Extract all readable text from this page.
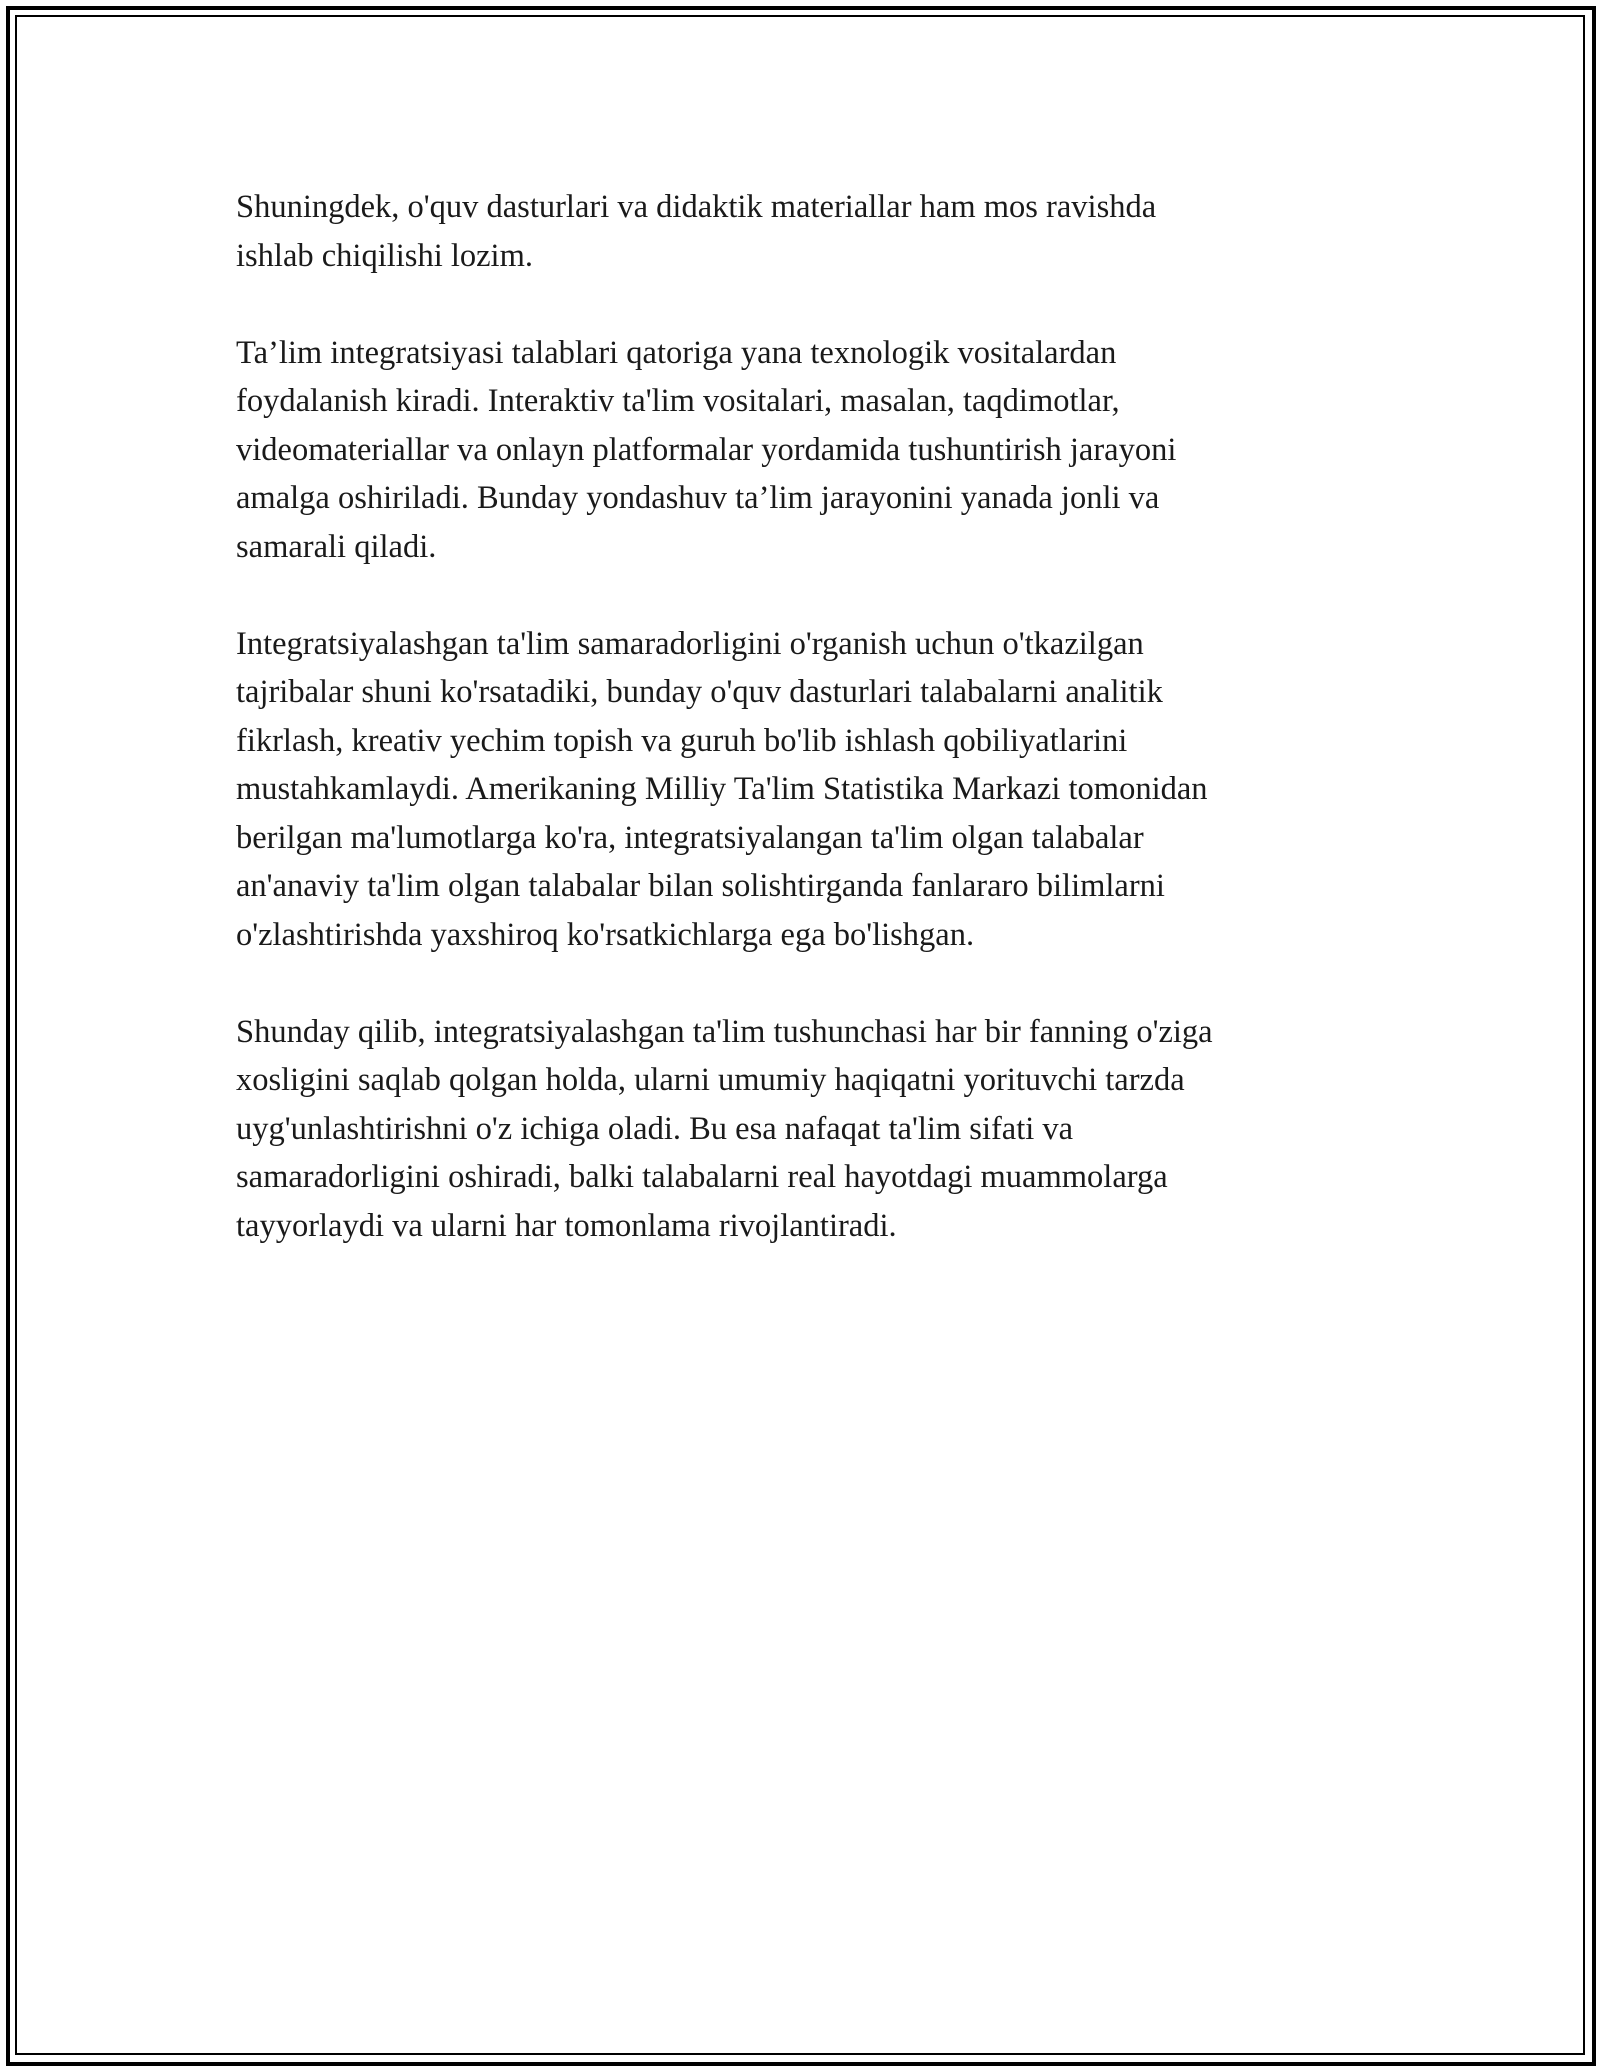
Shuningdek, o'quv dasturlari va didaktik materiallar ham mos ravishda
ishlab chiqilishi lozim.

Ta’lim integratsiyasi talablari qatoriga yana texnologik vositalardan
foydalanish kiradi. Interaktiv ta'lim vositalari, masalan, taqdimotlar,
videomateriallar va onlayn platformalar yordamida tushuntirish jarayoni
amalga oshiriladi. Bunday yondashuv ta’lim jarayonini yanada jonli va
samarali qiladi.

Integratsiyalashgan ta'lim samaradorligini o'rganish uchun o'tkazilgan
tajribalar shuni ko'rsatadiki, bunday o'quv dasturlari talabalarni analitik
fikrlash, kreativ yechim topish va guruh bo'lib ishlash qobiliyatlarini
mustahkamlaydi. Amerikaning Milliy Ta'lim Statistika Markazi tomonidan
berilgan ma'lumotlarga ko'ra, integratsiyalangan ta'lim olgan talabalar
an'anaviy ta'lim olgan talabalar bilan solishtirganda fanlararo bilimlarni
o'zlashtirishda yaxshiroq ko'rsatkichlarga ega bo'lishgan.

Shunday qilib, integratsiyalashgan ta'lim tushunchasi har bir fanning o'ziga
xosligini saqlab qolgan holda, ularni umumiy haqiqatni yorituvchi tarzda
uyg'unlashtirishni o'z ichiga oladi. Bu esa nafaqat ta'lim sifati va
samaradorligini oshiradi, balki talabalarni real hayotdagi muammolarga
tayyorlaydi va ularni har tomonlama rivojlantiradi.
